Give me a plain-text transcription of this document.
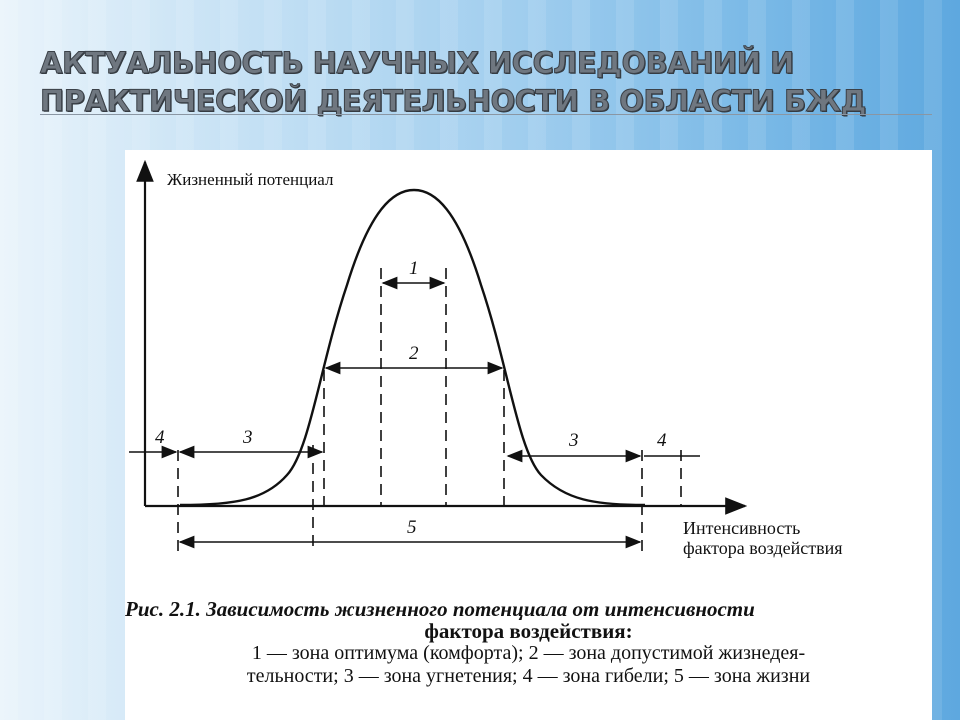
АКТУАЛЬНОСТЬ НАУЧНЫХ ИССЛЕДОВАНИЙ И ПРАКТИЧЕСКОЙ ДЕЯТЕЛЬНОСТИ В ОБЛАСТИ БЖД
Жизненный потенциал
Интенсивность
фактора воздействия
1
2
3
4	3	4
5
Рис. 2.1. Зависимость жизненного потенциала от интенсивности
фактора воздействия:
1 — зона оптимума (комфорта); 2 — зона допустимой жизнедея-
тельности; 3 — зона угнетения; 4 — зона гибели; 5 — зона жизни
